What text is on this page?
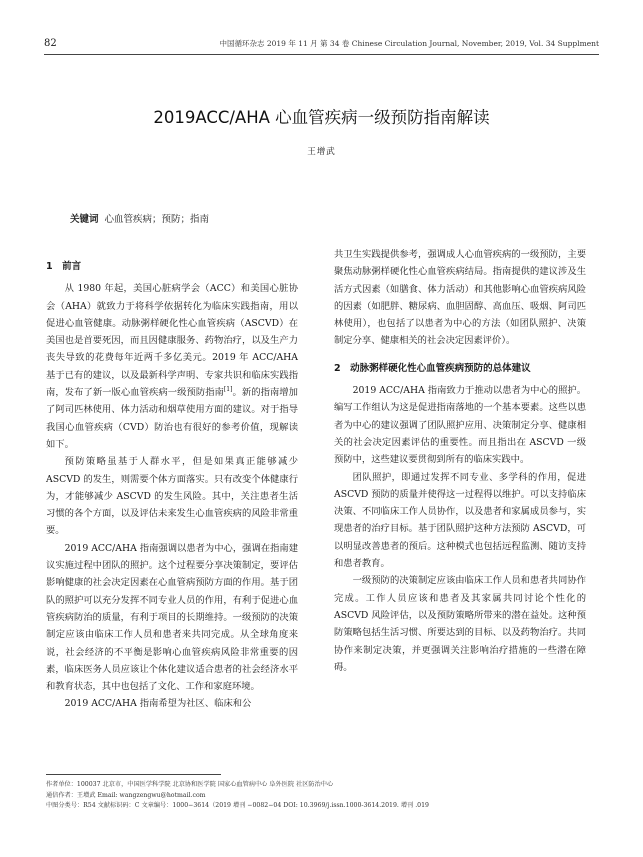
82	中国循环杂志 2019 年 11 月 第 34 卷 Chinese Circulation Journal, November, 2019, Vol. 34 Supplment
2019ACC/AHA 心血管疾病一级预防指南解读
王增武
关键词 心血管疾病；预防；指南
1　前言

从 1980 年起，美国心脏病学会（ACC）和美国心脏协会（AHA）就致力于将科学依据转化为临床实践指南，用以促进心血管健康。动脉粥样硬化性心血管疾病（ASCVD）在美国也是首要死因，而且因健康服务、药物治疗，以及生产力丧失导致的花费每年近两千多亿美元。2019 年 ACC/AHA 基于已有的建议，以及最新科学声明、专家共识和临床实践指南，发布了新一版心血管疾病一级预防指南[1]。新的指南增加了阿司匹林使用、体力活动和烟草使用方面的建议。对于指导我国心血管疾病（CVD）防治也有很好的参考价值，现解读如下。

预防策略虽基于人群水平，但是如果真正能够减少 ASCVD 的发生，则需要个体方面落实。只有改变个体健康行为，才能够减少 ASCVD 的发生风险。其中，关注患者生活习惯的各个方面，以及评估未来发生心血管疾病的风险非常重要。

2019 ACC/AHA 指南强调以患者为中心，强调在指南建议实施过程中团队的照护。这个过程要分享决策制定，要评估影响健康的社会决定因素在心血管病预防方面的作用。基于团队的照护可以充分发挥不同专业人员的作用，有利于促进心血管疾病防治的质量，有利于项目的长期维持。一级预防的决策制定应该由临床工作人员和患者来共同完成。从全球角度来说，社会经济的不平衡是影响心血管疾病风险非常重要的因素，临床医务人员应该让个体化建议适合患者的社会经济水平和教育状态，其中也包括了文化、工作和家庭环境。

2019 ACC/AHA 指南希望为社区、临床和公

共卫生实践提供参考，强调成人心血管疾病的一级预防，主要聚焦动脉粥样硬化性心血管疾病结局。指南提供的建议涉及生活方式因素（如膳食、体力活动）和其他影响心血管疾病风险的因素（如肥胖、糖尿病、血胆固醇、高血压、吸烟、阿司匹林使用），也包括了以患者为中心的方法（如团队照护、决策制定分享、健康相关的社会决定因素评价）。

2　动脉粥样硬化性心血管疾病预防的总体建议

2019 ACC/AHA 指南致力于推动以患者为中心的照护。编写工作组认为这是促进指南落地的一个基本要素。这些以患者为中心的建议强调了团队照护应用、决策制定分享、健康相关的社会决定因素评估的重要性。而且指出在 ASCVD 一级预防中，这些建议要贯彻到所有的临床实践中。

团队照护，即通过发挥不同专业、多学科的作用，促进 ASCVD 预防的质量并使得这一过程得以维护。可以支持临床决策、不同临床工作人员协作，以及患者和家属成员参与，实现患者的治疗目标。基于团队照护这种方法预防 ASCVD，可以明显改善患者的预后。这种模式也包括远程监测、随访支持和患者教育。

一级预防的决策制定应该由临床工作人员和患者共同协作完成。工作人员应该和患者及其家属共同讨论个性化的 ASCVD 风险评估，以及预防策略所带来的潜在益处。这种预防策略包括生活习惯、所要达到的目标、以及药物治疗。共同协作来制定决策，并更强调关注影响治疗措施的一些潜在障碍。

作者单位：100037 北京市，中国医学科学院 北京协和医学院 国家心血管病中心 阜外医院 社区防治中心
通信作者：王增武 Email: wangzengwu@hotmail.com
中图分类号：R54 文献标识码：C 文章编号：1000−3614（2019 增刊 −0082−04 DOI: 10.3969/j.issn.1000-3614.2019. 增刊 .019
